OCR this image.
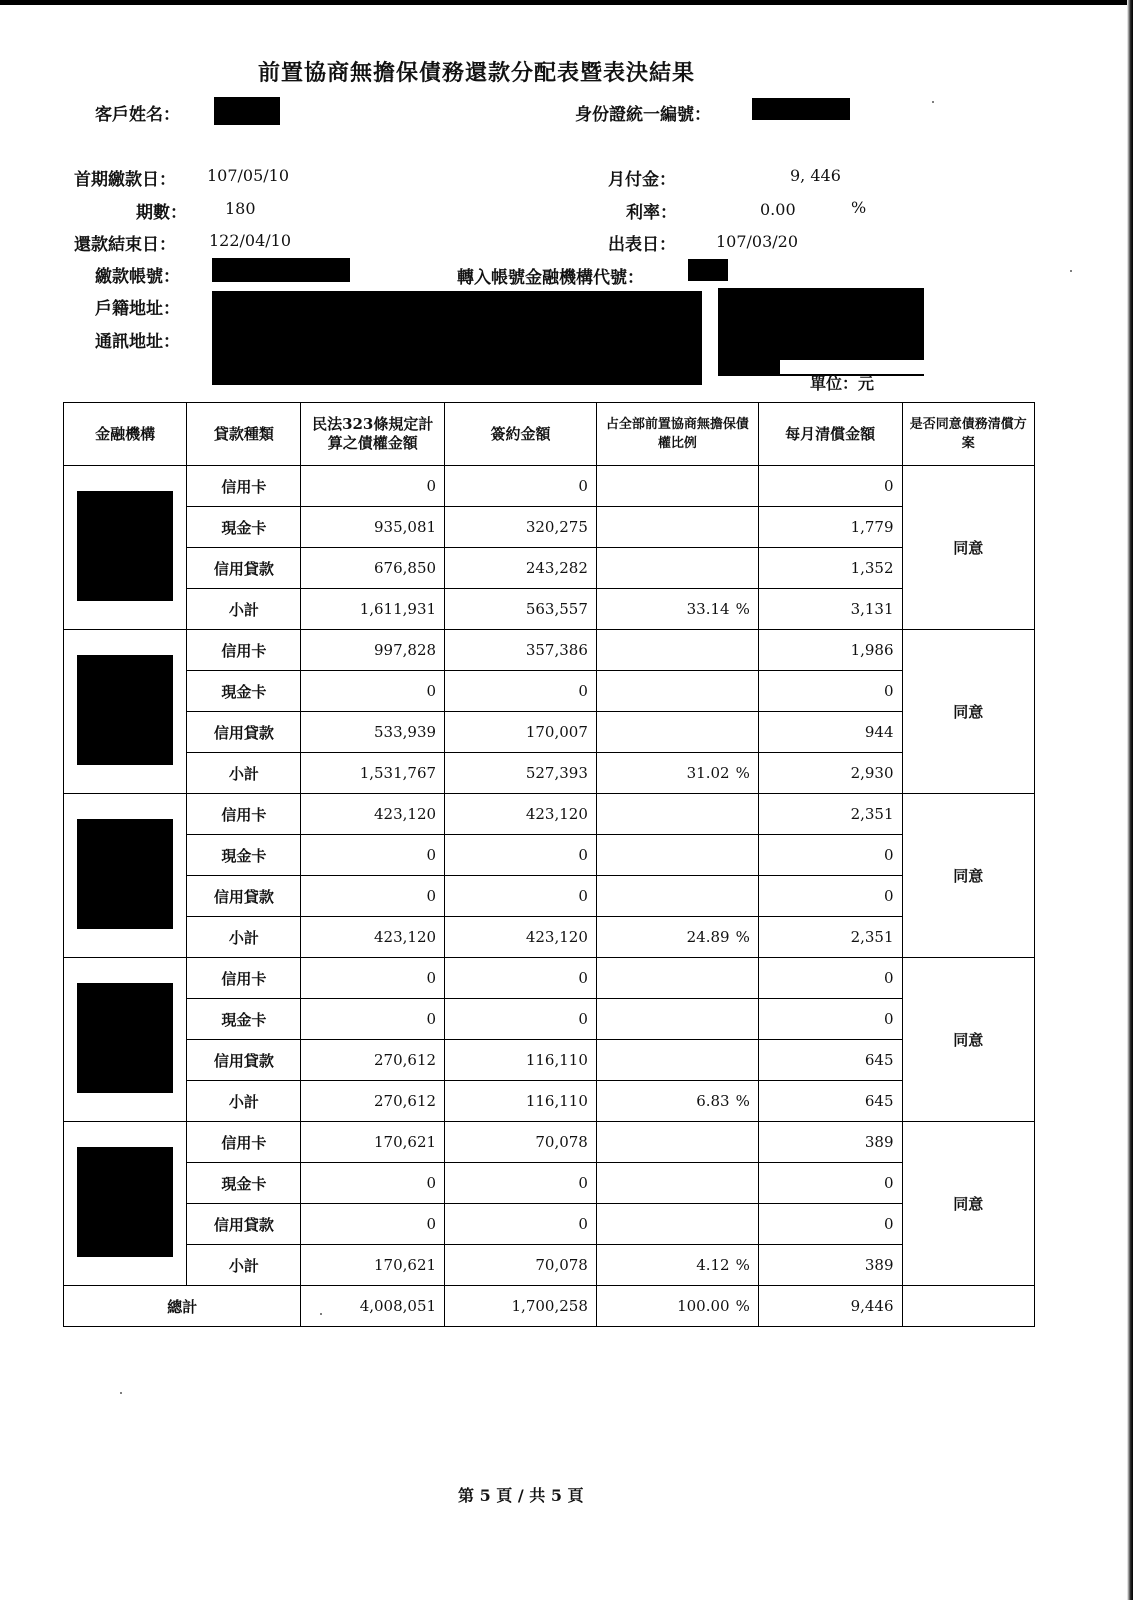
前置協商無擔保債務還款分配表暨表決結果
客戶姓名：	身份證統一編號：
首期繳款日： 107/05/10
期數： 180
還款結束日： 122/04/10
繳款帳號：
月付金：	9, 446
利率：	0.00	%
出表日：	107/03/20
轉入帳號金融機構代號：
戶籍地址：
通訊地址：
單位：元
金融機構	貸款種類	民法323條規定計算之債權金額	簽約金額	占全部前置協商無擔保債權比例	每月清償金額	是否同意債務清償方案
	信用卡	0	0		0	同意
	現金卡	935,081	320,275		1,779	
	信用貸款	676,850	243,282		1,352	
	小計	1,611,931	563,557	33.14 %	3,131	
	信用卡	997,828	357,386		1,986	同意
	現金卡	0	0		0	
	信用貸款	533,939	170,007		944	
	小計	1,531,767	527,393	31.02 %	2,930	
	信用卡	423,120	423,120		2,351	同意
	現金卡	0	0		0	
	信用貸款	0	0		0	
	小計	423,120	423,120	24.89 %	2,351	
	信用卡	0	0		0	同意
	現金卡	0	0		0	
	信用貸款	270,612	116,110		645	
	小計	270,612	116,110	6.83 %	645	
	信用卡	170,621	70,078		389	同意
	現金卡	0	0		0	
	信用貸款	0	0		0	
	小計	170,621	70,078	4.12 %	389	
總計		4,008,051	1,700,258	100.00 %	9,446	
第 5 頁 / 共 5 頁
